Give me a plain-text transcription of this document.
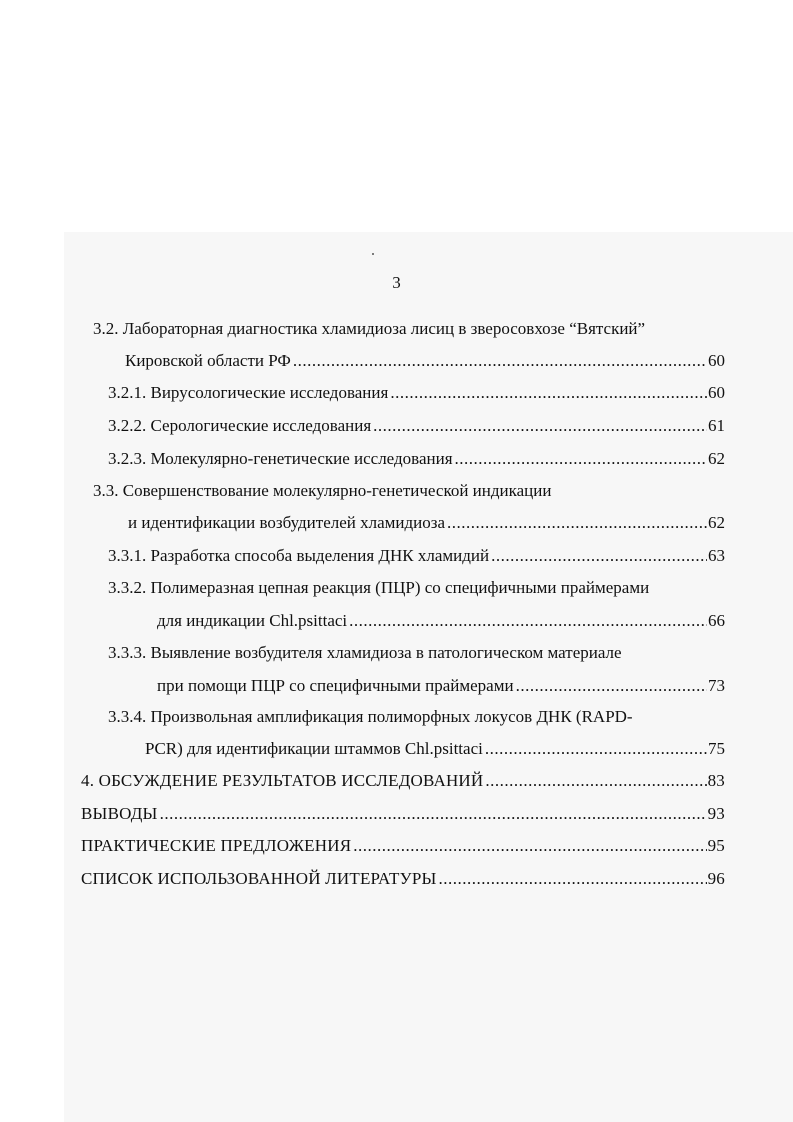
3
3.2. Лабораторная диагностика хламидиоза лисиц в зверосовхозе “Вятский”
Кировской области РФ .....	60
3.2.1. Вирусологические исследования .....	60
3.2.2. Серологические исследования .....	61
3.2.3. Молекулярно-генетические исследования .....	62
3.3. Совершенствование молекулярно-генетической индикации
и идентификации возбудителей хламидиоза .....	62
3.3.1. Разработка способа выделения ДНК хламидий .....	63
3.3.2. Полимеразная цепная реакция (ПЦР) со специфичными праймерами
для индикации Chl.psittaci .....	66
3.3.3. Выявление возбудителя хламидиоза в патологическом материале
при помощи ПЦР со специфичными праймерами .....	73
3.3.4. Произвольная амплификация полиморфных локусов ДНК (RAPD-
PCR) для идентификации штаммов Chl.psittaci .....	75
4. ОБСУЖДЕНИЕ РЕЗУЛЬТАТОВ ИССЛЕДОВАНИЙ .....	83
ВЫВОДЫ .....	93
ПРАКТИЧЕСКИЕ ПРЕДЛОЖЕНИЯ .....	95
СПИСОК ИСПОЛЬЗОВАННОЙ ЛИТЕРАТУРЫ .....	96
